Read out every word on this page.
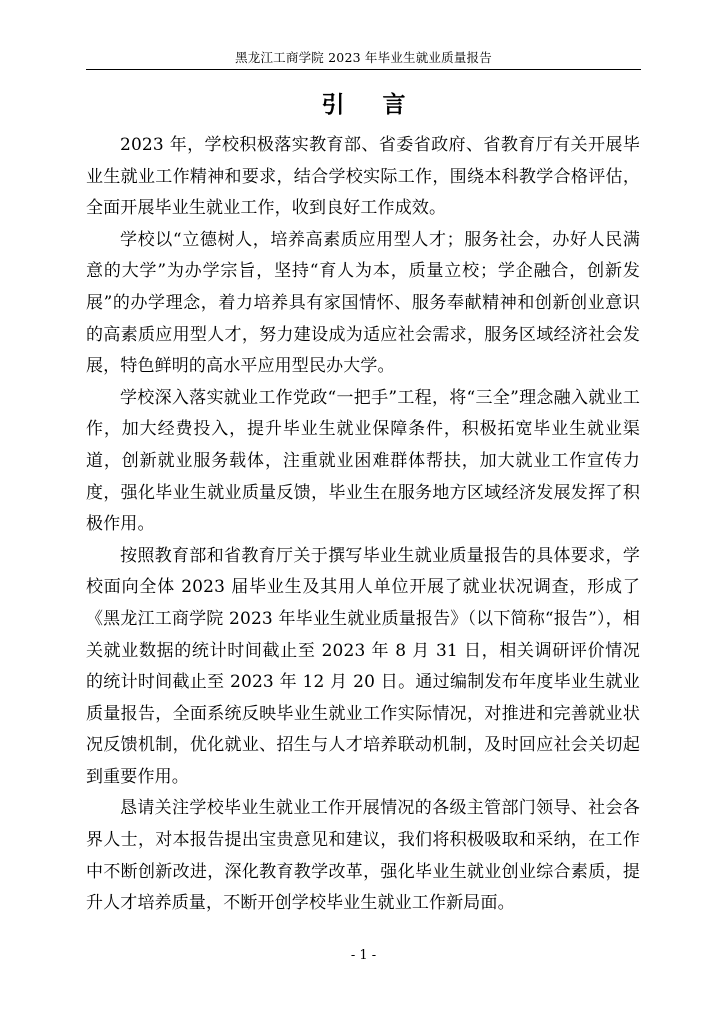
黑龙江工商学院 2023 年毕业生就业质量报告
引言

2023 年，学校积极落实教育部、省委省政府、省教育厅有关开展毕业生就业工作精神和要求，结合学校实际工作，围绕本科教学合格评估，全面开展毕业生就业工作，收到良好工作成效。

学校以“立德树人，培养高素质应用型人才；服务社会，办好人民满意的大学”为办学宗旨，坚持“育人为本，质量立校；学企融合，创新发展”的办学理念，着力培养具有家国情怀、服务奉献精神和创新创业意识的高素质应用型人才，努力建设成为适应社会需求，服务区域经济社会发展，特色鲜明的高水平应用型民办大学。

学校深入落实就业工作党政“一把手”工程，将“三全”理念融入就业工作，加大经费投入，提升毕业生就业保障条件，积极拓宽毕业生就业渠道，创新就业服务载体，注重就业困难群体帮扶，加大就业工作宣传力度，强化毕业生就业质量反馈，毕业生在服务地方区域经济发展发挥了积极作用。

按照教育部和省教育厅关于撰写毕业生就业质量报告的具体要求，学校面向全体 2023 届毕业生及其用人单位开展了就业状况调查，形成了《黑龙江工商学院 2023 年毕业生就业质量报告》（以下简称“报告”），相关就业数据的统计时间截止至 2023 年 8 月 31 日，相关调研评价情况的统计时间截止至 2023 年 12 月 20 日。通过编制发布年度毕业生就业质量报告，全面系统反映毕业生就业工作实际情况，对推进和完善就业状况反馈机制，优化就业、招生与人才培养联动机制，及时回应社会关切起到重要作用。

恳请关注学校毕业生就业工作开展情况的各级主管部门领导、社会各界人士，对本报告提出宝贵意见和建议，我们将积极吸取和采纳，在工作中不断创新改进，深化教育教学改革，强化毕业生就业创业综合素质，提升人才培养质量，不断开创学校毕业生就业工作新局面。

- 1 -
